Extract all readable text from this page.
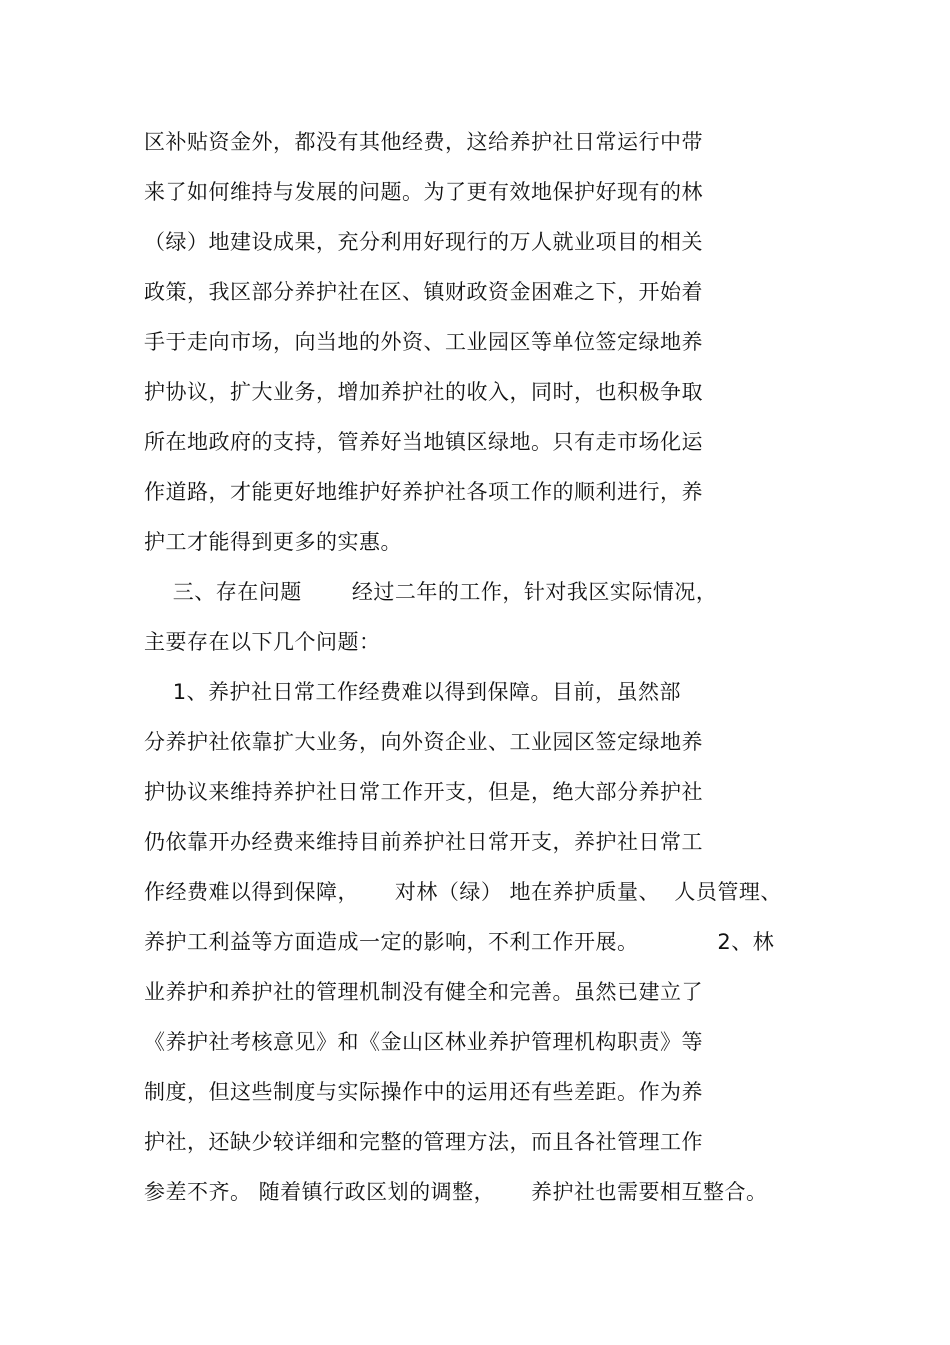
区补贴资金外，都没有其他经费，这给养护社日常运行中带
来了如何维持与发展的问题。为了更有效地保护好现有的林
（绿）地建设成果，充分利用好现行的万人就业项目的相关
政策，我区部分养护社在区、镇财政资金困难之下，开始着
手于走向市场，向当地的外资、工业园区等单位签定绿地养
护协议，扩大业务，增加养护社的收入，同时，也积极争取
所在地政府的支持，管养好当地镇区绿地。只有走市场化运
作道路，才能更好地维护好养护社各项工作的顺利进行，养
护工才能得到更多的实惠。
三、存在问题       经过二年的工作，针对我区实际情况，
主要存在以下几个问题：
1、养护社日常工作经费难以得到保障。目前，虽然部
分养护社依靠扩大业务，向外资企业、工业园区签定绿地养
护协议来维持养护社日常工作开支，但是，绝大部分养护社
仍依靠开办经费来维持目前养护社日常开支，养护社日常工
作经费难以得到保障，     对林（绿） 地在养护质量、  人员管理、
养护工利益等方面造成一定的影响，不利工作开展。           2、林
业养护和养护社的管理机制没有健全和完善。虽然已建立了
《养护社考核意见》和《金山区林业养护管理机构职责》等
制度，但这些制度与实际操作中的运用还有些差距。作为养
护社，还缺少较详细和完整的管理方法，而且各社管理工作
参差不齐。 随着镇行政区划的调整，     养护社也需要相互整合。
